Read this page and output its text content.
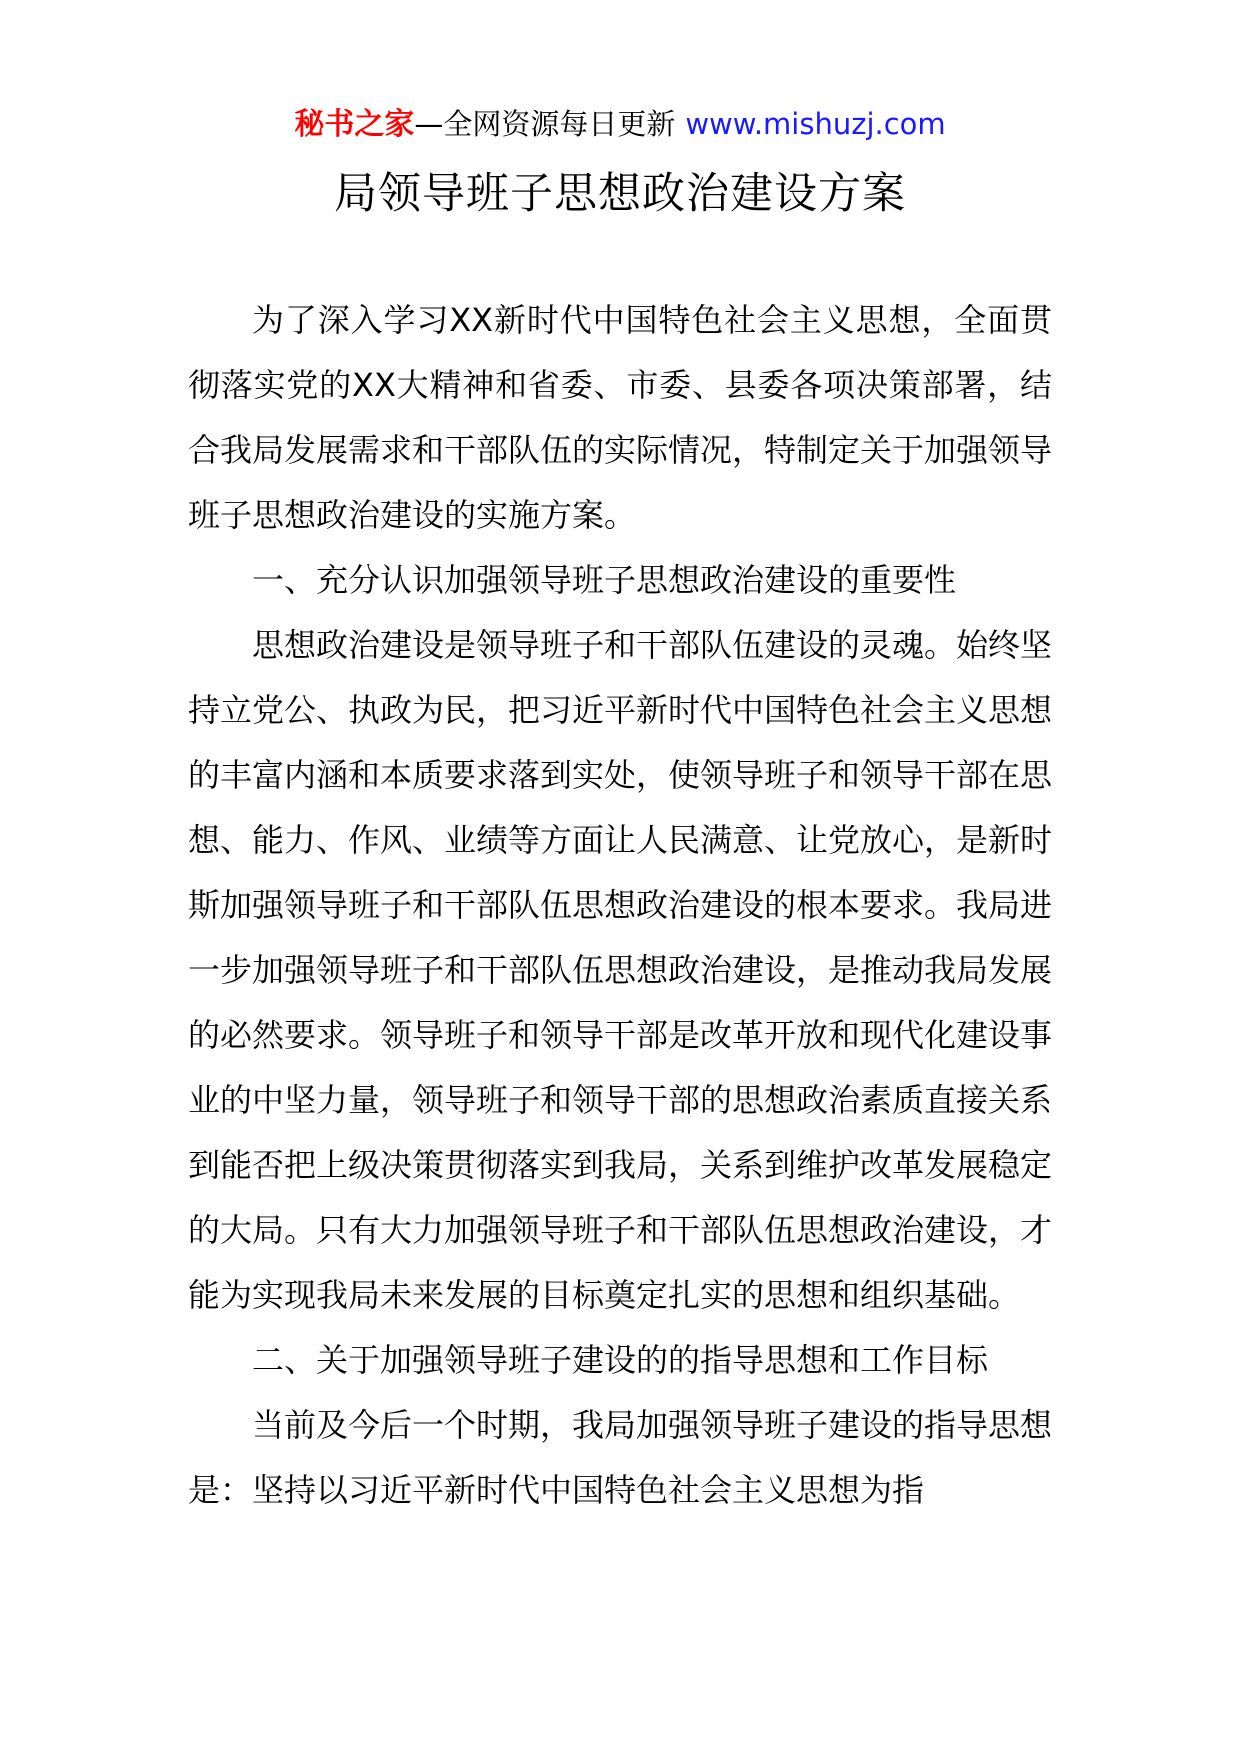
秘书之家—全网资源每日更新 www.mishuzj.com
局领导班子思想政治建设方案

为了深入学习XX新时代中国特色社会主义思想，全面贯彻落实党的XX大精神和省委、市委、县委各项决策部署，结合我局发展需求和干部队伍的实际情况，特制定关于加强领导班子思想政治建设的实施方案。

一、充分认识加强领导班子思想政治建设的重要性

思想政治建设是领导班子和干部队伍建设的灵魂。始终坚持立党公、执政为民，把习近平新时代中国特色社会主义思想的丰富内涵和本质要求落到实处，使领导班子和领导干部在思想、能力、作风、业绩等方面让人民满意、让党放心，是新时斯加强领导班子和干部队伍思想政治建设的根本要求。我局进一步加强领导班子和干部队伍思想政治建设，是推动我局发展的必然要求。领导班子和领导干部是改革开放和现代化建设事业的中坚力量，领导班子和领导干部的思想政治素质直接关系到能否把上级决策贯彻落实到我局，关系到维护改革发展稳定的大局。只有大力加强领导班子和干部队伍思想政治建设，才能为实现我局未来发展的目标奠定扎实的思想和组织基础。

二、关于加强领导班子建设的的指导思想和工作目标

当前及今后一个时期，我局加强领导班子建设的指导思想是：坚持以习近平新时代中国特色社会主义思想为指
